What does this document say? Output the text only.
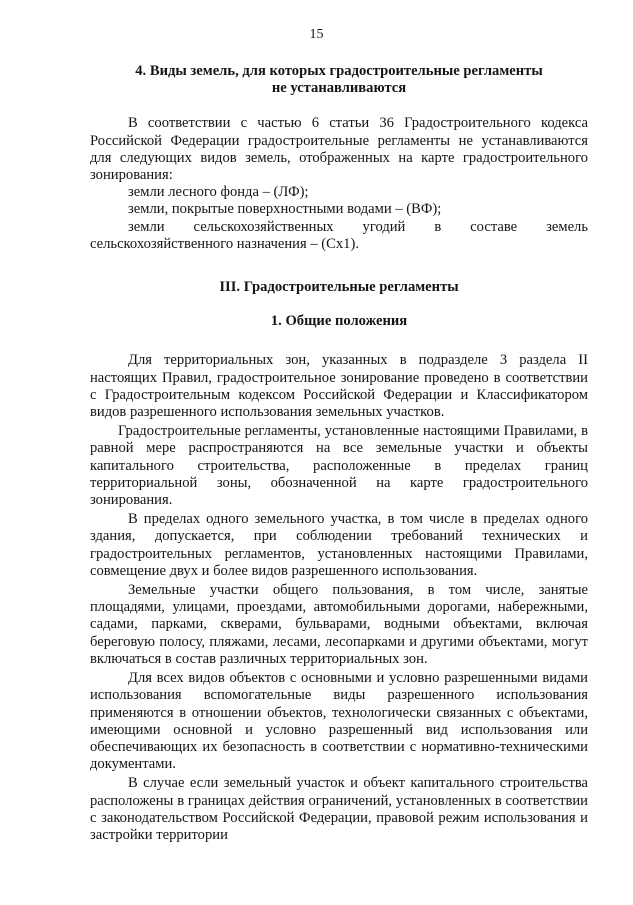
15
4. Виды земель, для которых градостроительные регламенты
не устанавливаются

В соответствии с частью 6 статьи 36 Градостроительного кодекса Российской Федерации градостроительные регламенты не устанавливаются для следующих видов земель, отображенных на карте градостроительного зонирования:

земли лесного фонда – (ЛФ);

земли, покрытые поверхностными водами – (ВФ);

земли сельскохозяйственных угодий в составе земель сельскохозяйственного назначения – (Сх1).

III. Градостроительные регламенты
1. Общие положения

Для территориальных зон, указанных в подразделе 3 раздела II настоящих Правил, градостроительное зонирование проведено в соответствии с Градостроительным кодексом Российской Федерации и Классификатором видов разрешенного использования земельных участков.

Градостроительные регламенты, установленные настоящими Правилами, в равной мере распространяются на все земельные участки и объекты капитального строительства, расположенные в пределах границ территориальной зоны, обозначенной на карте градостроительного зонирования.

В пределах одного земельного участка, в том числе в пределах одного здания, допускается, при соблюдении требований технических и градостроительных регламентов, установленных настоящими Правилами, совмещение двух и более видов разрешенного использования.

Земельные участки общего пользования, в том числе, занятые площадями, улицами, проездами, автомобильными дорогами, набережными, садами, парками, скверами, бульварами, водными объектами, включая береговую полосу, пляжами, лесами, лесопарками и другими объектами, могут включаться в состав различных территориальных зон.

Для всех видов объектов с основными и условно разрешенными видами использования вспомогательные виды разрешенного использования применяются в отношении объектов, технологически связанных с объектами, имеющими основной и условно разрешенный вид использования или обеспечивающих их безопасность в соответствии с нормативно-техническими документами.

В случае если земельный участок и объект капитального строительства расположены в границах действия ограничений, установленных в соответствии с законодательством Российской Федерации, правовой режим использования и застройки территории
